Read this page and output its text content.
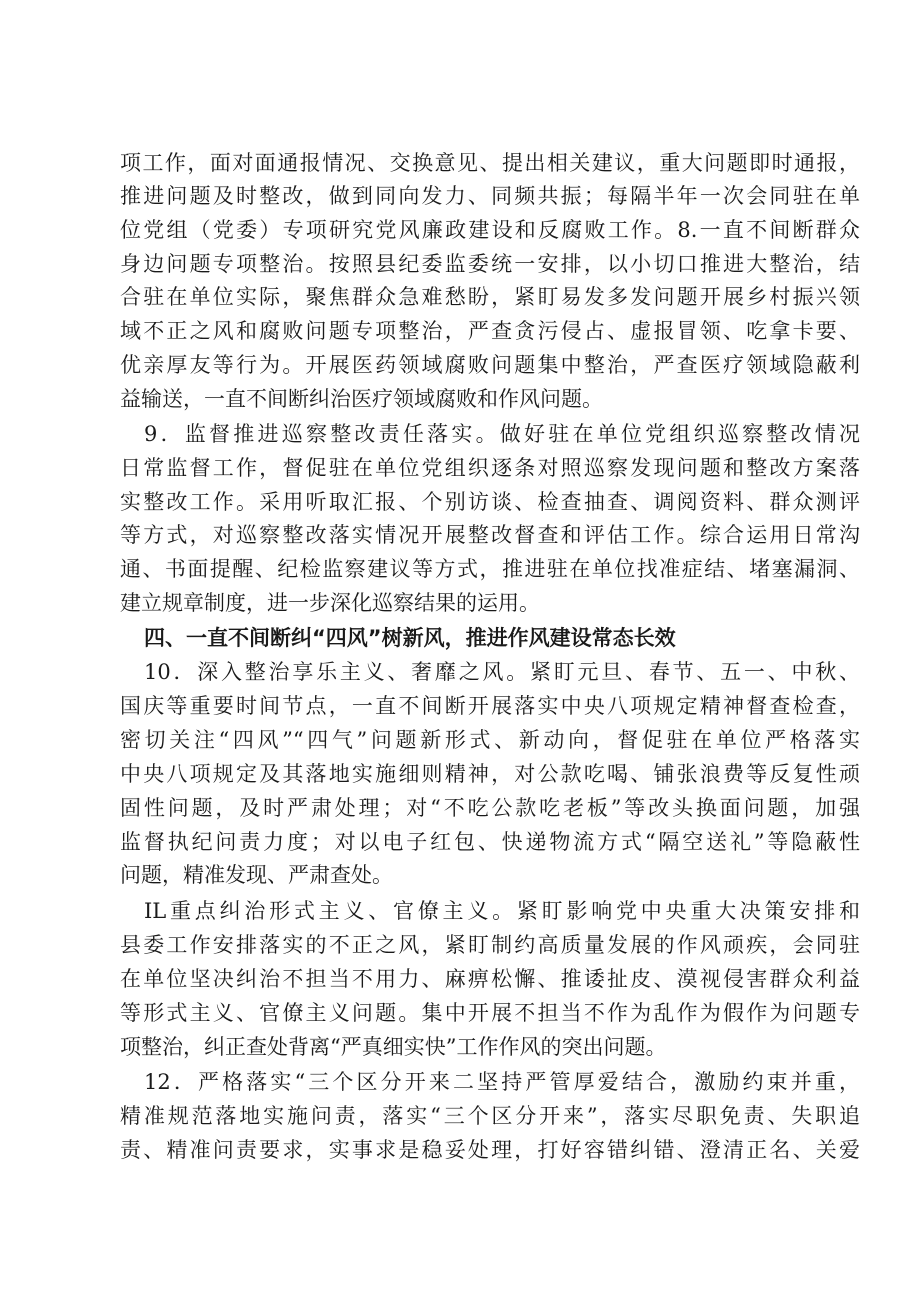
项工作，面对面通报情况、交换意见、提出相关建议，重大问题即时通报，
推进问题及时整改，做到同向发力、同频共振；每隔半年一次会同驻在单
位党组（党委）专项研究党风廉政建设和反腐败工作。8.一直不间断群众
身边问题专项整治。按照县纪委监委统一安排，以小切口推进大整治，结
合驻在单位实际，聚焦群众急难愁盼，紧盯易发多发问题开展乡村振兴领
域不正之风和腐败问题专项整治，严查贪污侵占、虚报冒领、吃拿卡要、
优亲厚友等行为。开展医药领域腐败问题集中整治，严查医疗领域隐蔽利
益输送，一直不间断纠治医疗领域腐败和作风问题。
9．监督推进巡察整改责任落实。做好驻在单位党组织巡察整改情况
日常监督工作，督促驻在单位党组织逐条对照巡察发现问题和整改方案落
实整改工作。采用听取汇报、个别访谈、检查抽查、调阅资料、群众测评
等方式，对巡察整改落实情况开展整改督查和评估工作。综合运用日常沟
通、书面提醒、纪检监察建议等方式，推进驻在单位找准症结、堵塞漏洞、
建立规章制度，进一步深化巡察结果的运用。
四、一直不间断纠“四风”树新风，推进作风建设常态长效
10．深入整治享乐主义、奢靡之风。紧盯元旦、春节、五一、中秋、
国庆等重要时间节点，一直不间断开展落实中央八项规定精神督查检查，
密切关注“四风”“四气”问题新形式、新动向，督促驻在单位严格落实
中央八项规定及其落地实施细则精神，对公款吃喝、铺张浪费等反复性顽
固性问题，及时严肃处理；对“不吃公款吃老板”等改头换面问题，加强
监督执纪问责力度；对以电子红包、快递物流方式“隔空送礼”等隐蔽性
问题，精准发现、严肃查处。
IL重点纠治形式主义、官僚主义。紧盯影响党中央重大决策安排和
县委工作安排落实的不正之风，紧盯制约高质量发展的作风顽疾，会同驻
在单位坚决纠治不担当不用力、麻痹松懈、推诿扯皮、漠视侵害群众利益
等形式主义、官僚主义问题。集中开展不担当不作为乱作为假作为问题专
项整治，纠正查处背离“严真细实快”工作作风的突出问题。
12．严格落实“三个区分开来二坚持严管厚爱结合，激励约束并重，
精准规范落地实施问责，落实“三个区分开来”，落实尽职免责、失职追
责、精准问责要求，实事求是稳妥处理，打好容错纠错、澄清正名、关爱
